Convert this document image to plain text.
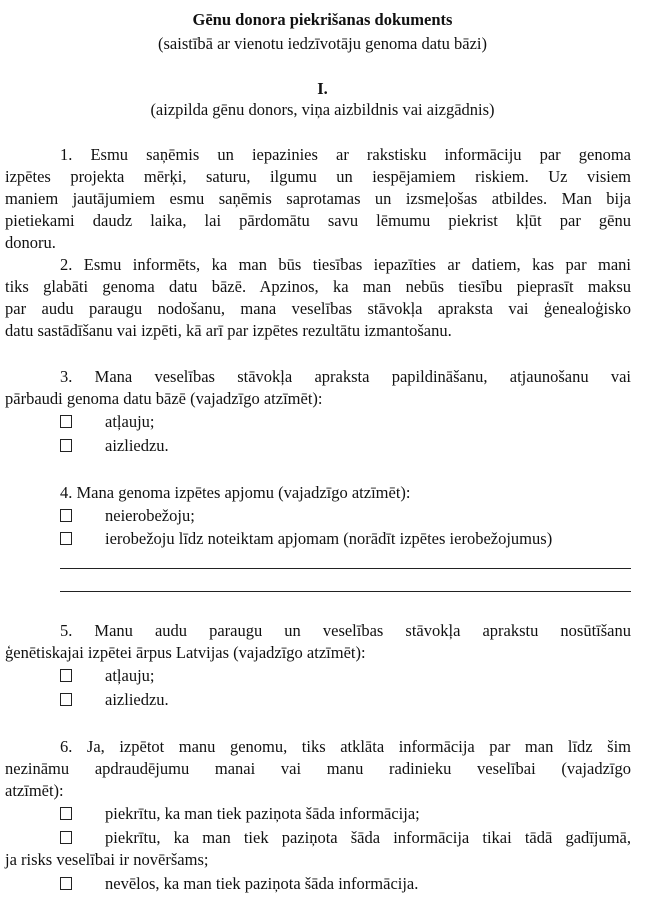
Gēnu donora piekrišanas dokuments
(saistībā ar vienotu iedzīvotāju genoma datu bāzi)
I.
(aizpilda gēnu donors, viņa aizbildnis vai aizgādnis)
1. Esmu saņēmis un iepazinies ar rakstisku informāciju par genoma
izpētes projekta mērķi, saturu, ilgumu un iespējamiem riskiem. Uz visiem
maniem jautājumiem esmu saņēmis saprotamas un izsmeļošas atbildes. Man bija
pietiekami daudz laika, lai pārdomātu savu lēmumu piekrist kļūt par gēnu
donoru.
2. Esmu informēts, ka man būs tiesības iepazīties ar datiem, kas par mani
tiks glabāti genoma datu bāzē. Apzinos, ka man nebūs tiesību pieprasīt maksu
par audu paraugu nodošanu, mana veselības stāvokļa apraksta vai ģenealoģisko
datu sastādīšanu vai izpēti, kā arī par izpētes rezultātu izmantošanu.
3. Mana veselības stāvokļa apraksta papildināšanu, atjaunošanu vai
pārbaudi genoma datu bāzē (vajadzīgo atzīmēt):
atļauju;
aizliedzu.
4. Mana genoma izpētes apjomu (vajadzīgo atzīmēt):
neierobežoju;
ierobežoju līdz noteiktam apjomam (norādīt izpētes ierobežojumus)
5. Manu audu paraugu un veselības stāvokļa aprakstu nosūtīšanu
ģenētiskajai izpētei ārpus Latvijas (vajadzīgo atzīmēt):
atļauju;
aizliedzu.
6. Ja, izpētot manu genomu, tiks atklāta informācija par man līdz šim
nezināmu apdraudējumu manai vai manu radinieku veselībai (vajadzīgo
atzīmēt):
piekrītu, ka man tiek paziņota šāda informācija;
piekrītu, ka man tiek paziņota šāda informācija tikai tādā gadījumā,
ja risks veselībai ir novēršams;
nevēlos, ka man tiek paziņota šāda informācija.
